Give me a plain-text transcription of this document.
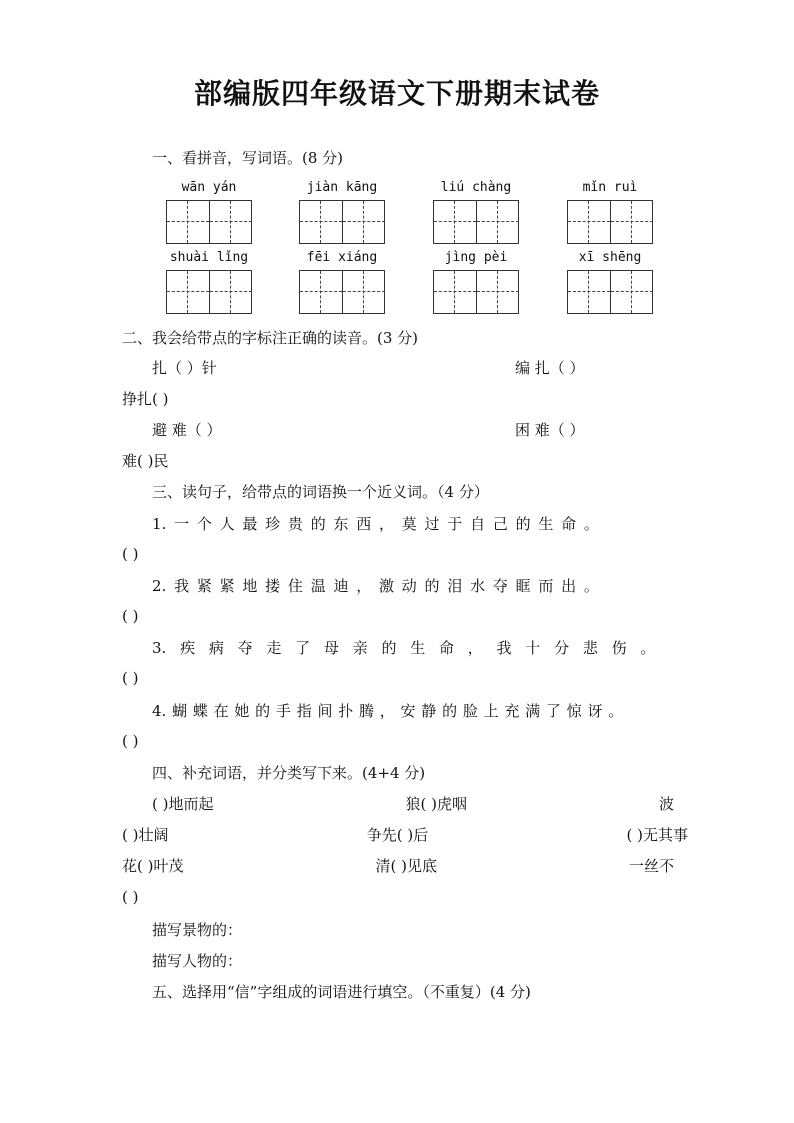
部编版四年级语文下册期末试卷
一、看拼音，写词语。(8 分)
wān yán	jiàn kāng	liú chàng	mǐn ruì
shuài lǐng	fēi xiáng	jìng pèi	xī shēng
二、我会给带点的字标注正确的读音。(3 分)
扎（ ）针	编 扎（ ）
挣扎( )
避 难（ ）	困 难（ ）
难( )民
三、读句子，给带点的词语换一个近义词。（4 分）
1. 一 个 人 最 珍 贵 的 东 西 ， 莫 过 于 自 己 的 生 命 。
( )
2. 我 紧 紧 地 搂 住 温 迪 ， 激 动 的 泪 水 夺 眶 而 出 。
( )
3. 疾 病 夺 走 了 母 亲 的 生 命 ， 我 十 分 悲 伤 。
( )
4. 蝴 蝶 在 她 的 手 指 间 扑 腾 ， 安 静 的 脸 上 充 满 了 惊 讶 。
( )
四、补充词语，并分类写下来。(4+4 分)
( )地而起	狼( )虎咽	波
( )壮阔	争先( )后	( )无其事
花( )叶茂	清( )见底	一丝不
( )
描写景物的：
描写人物的：
五、选择用“信”字组成的词语进行填空。（不重复）(4 分)
